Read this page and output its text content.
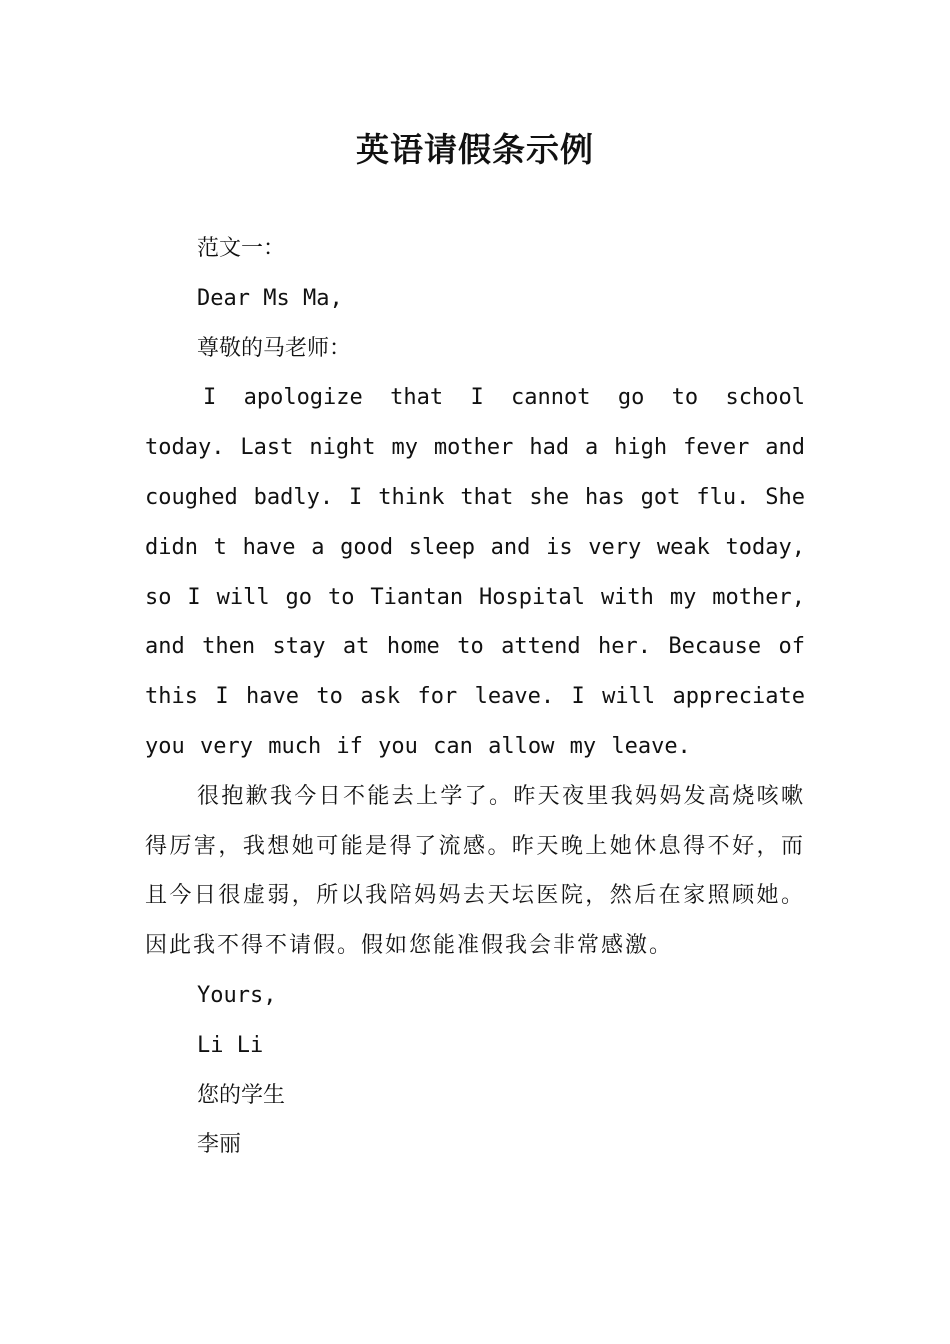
英语请假条示例
范文一：
Dear Ms Ma,
尊敬的马老师：
I apologize that I cannot go to school today. Last night my mother had a high fever and coughed badly. I think that she has got flu. She didn t have a good sleep and is very weak today, so I will go to Tiantan Hospital with my mother, and then stay at home to attend her. Because of this I have to ask for leave. I will appreciate you very much if you can allow my leave.
很抱歉我今日不能去上学了。昨天夜里我妈妈发高烧咳嗽得厉害，我想她可能是得了流感。昨天晚上她休息得不好，而且今日很虚弱，所以我陪妈妈去天坛医院，然后在家照顾她。因此我不得不请假。假如您能准假我会非常感激。
Yours,
Li Li
您的学生
李丽
